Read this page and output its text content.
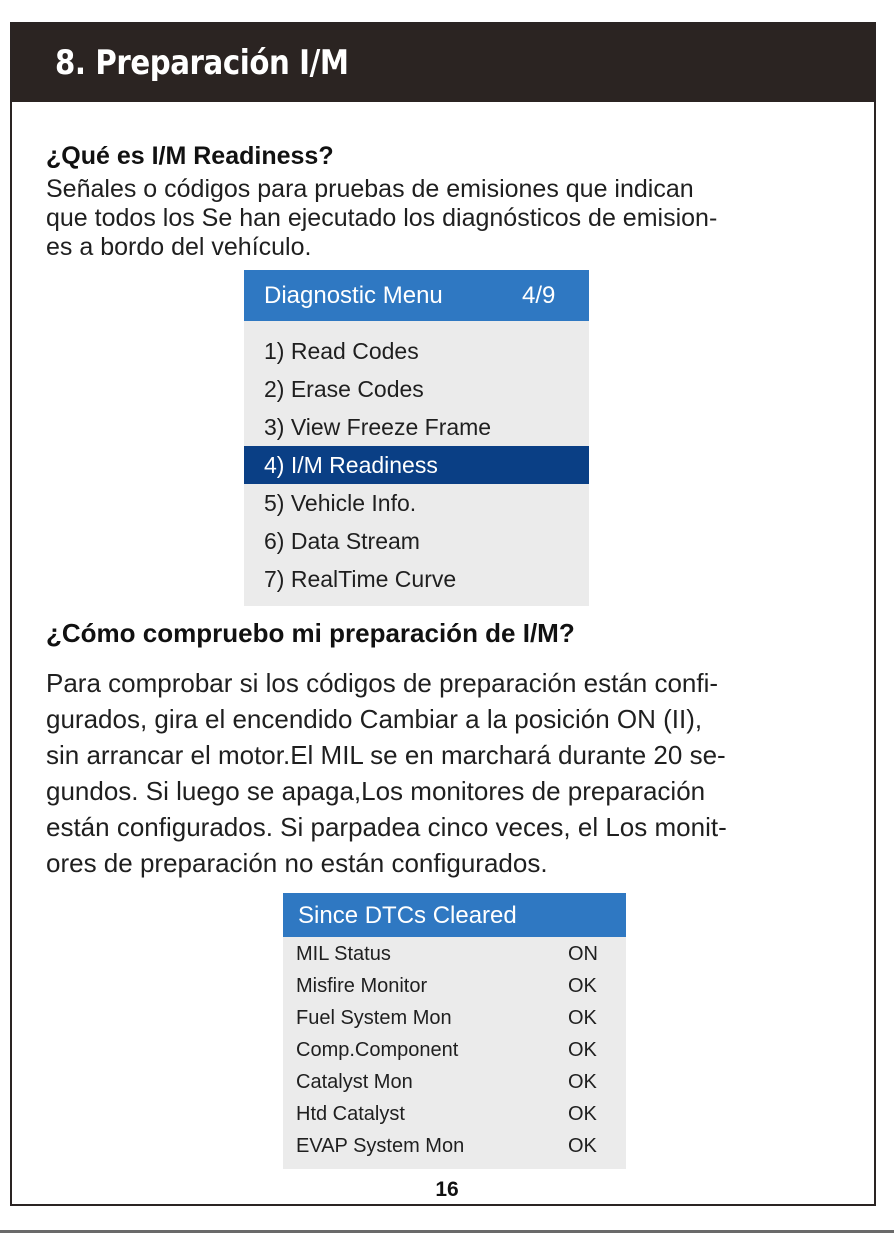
8. Preparación I/M
¿Qué es I/M Readiness?
Señales o códigos para pruebas de emisiones que indican
que todos los Se han ejecutado los diagnósticos de emision-
es a bordo del vehículo.
Diagnostic Menu	4/9
1) Read Codes
2) Erase Codes
3) View Freeze Frame
4) I/M Readiness
5) Vehicle Info.
6) Data Stream
7) RealTime Curve
¿Cómo compruebo mi preparación de I/M?
Para comprobar si los códigos de preparación están confi-
gurados, gira el encendido Cambiar a la posición ON (II),
sin arrancar el motor.El MIL se en marchará durante 20 se-
gundos. Si luego se apaga,Los monitores de preparación
están configurados. Si parpadea cinco veces, el Los monit-
ores de preparación no están configurados.
Since DTCs Cleared
MIL Status	ON
Misfire Monitor	OK
Fuel System Mon	OK
Comp.Component	OK
Catalyst Mon	OK
Htd Catalyst	OK
EVAP System Mon	OK
16
